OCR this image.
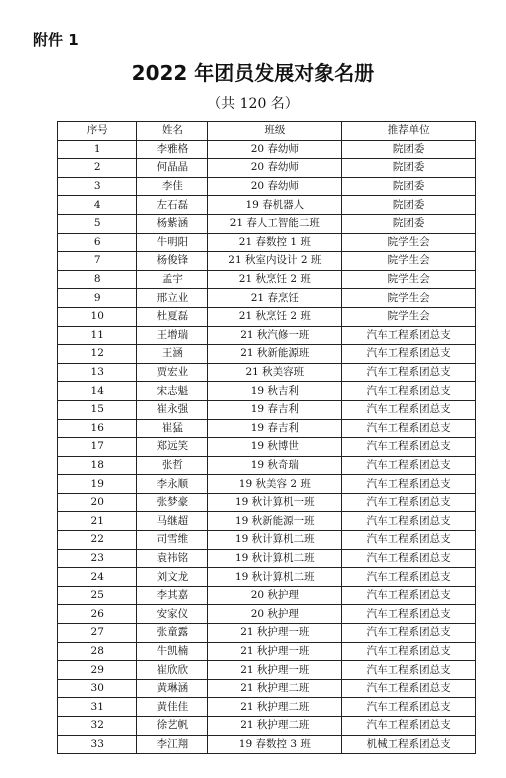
附件 1
2022 年团员发展对象名册
（共 120 名）
序号	姓名	班级	推荐单位
1	李雅格	20 春幼师	院团委
2	何晶晶	20 春幼师	院团委
3	李佳	20 春幼师	院团委
4	左石磊	19 春机器人	院团委
5	杨紫涵	21 春人工智能二班	院团委
6	牛明阳	21 春数控 1 班	院学生会
7	杨俊锋	21 秋室内设计 2 班	院学生会
8	孟宇	21 秋烹饪 2 班	院学生会
9	邢立业	21 春烹饪	院学生会
10	杜夏磊	21 秋烹饪 2 班	院学生会
11	王增瑞	21 秋汽修一班	汽车工程系团总支
12	王涵	21 秋新能源班	汽车工程系团总支
13	贾宏业	21 秋美容班	汽车工程系团总支
14	宋志魁	19 秋吉利	汽车工程系团总支
15	崔永强	19 春吉利	汽车工程系团总支
16	崔猛	19 春吉利	汽车工程系团总支
17	郑远笑	19 秋博世	汽车工程系团总支
18	张哲	19 秋奇瑞	汽车工程系团总支
19	李永顺	19 秋美容 2 班	汽车工程系团总支
20	张梦豪	19 秋计算机一班	汽车工程系团总支
21	马继超	19 秋新能源一班	汽车工程系团总支
22	司雪维	19 秋计算机二班	汽车工程系团总支
23	袁祎铭	19 秋计算机二班	汽车工程系团总支
24	刘文龙	19 秋计算机二班	汽车工程系团总支
25	李其嘉	20 秋护理	汽车工程系团总支
26	安家仪	20 秋护理	汽车工程系团总支
27	张童露	21 秋护理一班	汽车工程系团总支
28	牛凯楠	21 秋护理一班	汽车工程系团总支
29	崔欣欣	21 秋护理一班	汽车工程系团总支
30	黄琳涵	21 秋护理二班	汽车工程系团总支
31	黄佳佳	21 秋护理二班	汽车工程系团总支
32	徐艺帆	21 秋护理二班	汽车工程系团总支
33	李江翔	19 春数控 3 班	机械工程系团总支
